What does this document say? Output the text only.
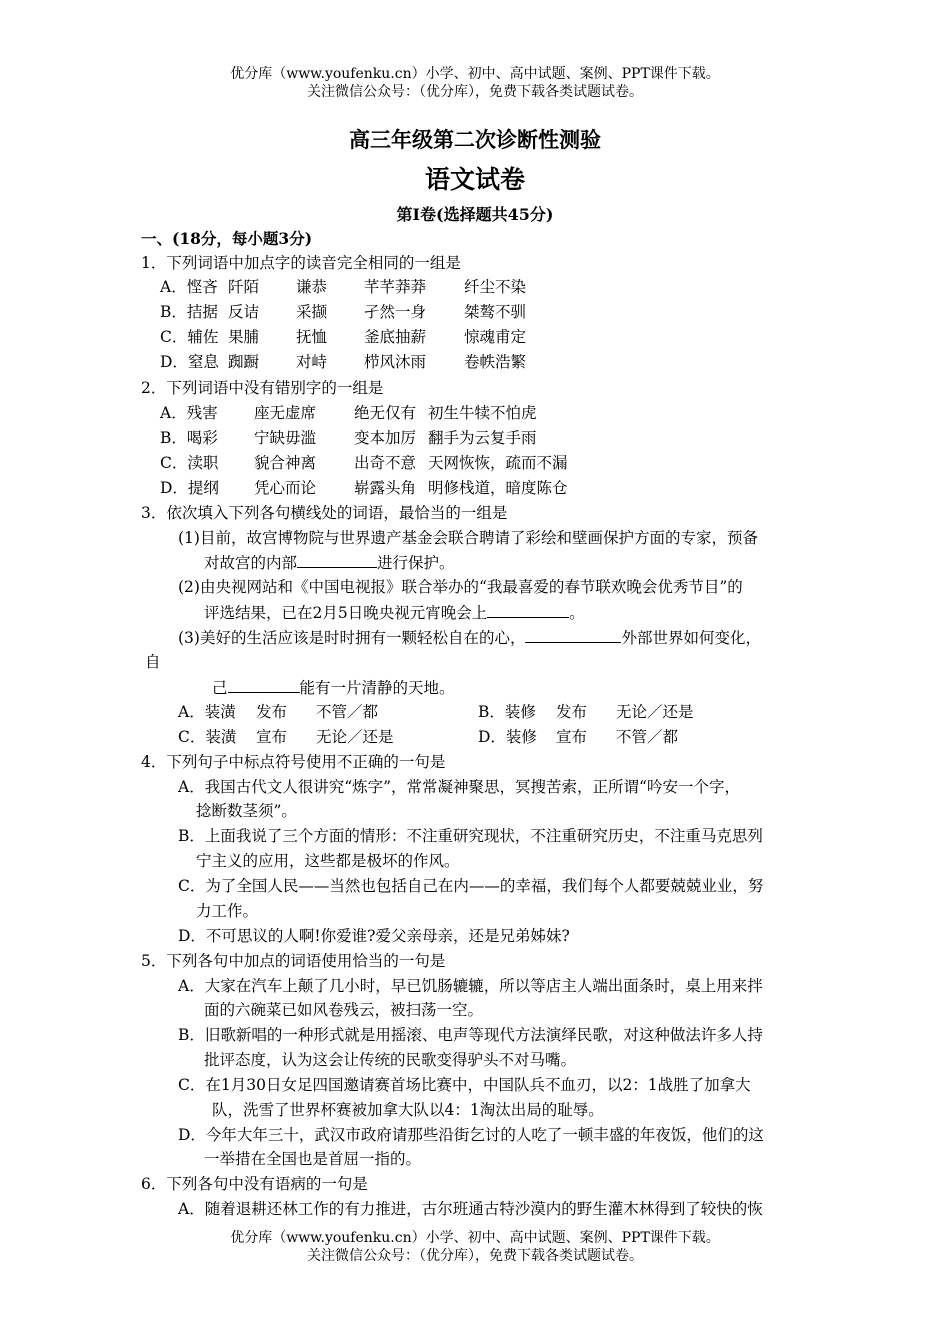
优分库（www.youfenku.cn）小学、初中、高中试题、案例、PPT课件下载。
关注微信公众号：（优分库），免费下载各类试题试卷。
高三年级第二次诊断性测验
语文试卷
第Ⅰ卷(选择题共45分)
一、(18分，每小题3分)
1．下列词语中加点字的读音完全相同的一组是
A．悭吝 阡陌 谦恭 芊芊莽莽 纤尘不染
B．拮据 反诘 采撷 孑然一身 桀骜不驯
C．辅佐 果脯 抚恤 釜底抽薪 惊魂甫定
D．窒息 踟蹰 对峙 栉风沐雨 卷帙浩繁
2．下列词语中没有错别字的一组是
A．残害 座无虚席 绝无仅有 初生牛犊不怕虎
B．喝彩 宁缺毋滥 变本加厉 翻手为云复手雨
C．渎职 貌合神离 出奇不意 天网恢恢，疏而不漏
D．提纲 凭心而论 崭露头角 明修栈道，暗度陈仓
3．依次填入下列各句横线处的词语，最恰当的一组是
(1)目前，故宫博物院与世界遗产基金会联合聘请了彩绘和壁画保护方面的专家，预备
对故宫的内部	进行保护。
(2)由央视网站和《中国电视报》联合举办的“我最喜爱的春节联欢晚会优秀节目”的
评选结果，已在2月5日晚央视元宵晚会上	。
(3)美好的生活应该是时时拥有一颗轻松自在的心，	外部世界如何变化，
自
己	能有一片清静的天地。
A．装潢 发布 不管／都	B．装修 发布 无论／还是
C．装潢 宣布 无论／还是	D．装修 宣布 不管／都
4．下列句子中标点符号使用不正确的一句是
A．我国古代文人很讲究“炼字”，常常凝神聚思，冥搜苦索，正所谓“吟安一个字，
捻断数茎须”。
B．上面我说了三个方面的情形：不注重研究现状，不注重研究历史，不注重马克思列
宁主义的应用，这些都是极坏的作风。
C．为了全国人民——当然也包括自己在内——的幸福，我们每个人都要兢兢业业，努
力工作。
D．不可思议的人啊!你爱谁?爱父亲母亲，还是兄弟姊妹?
5．下列各句中加点的词语使用恰当的一句是
A．大家在汽车上颠了几小时，早已饥肠辘辘，所以等店主人端出面条时，桌上用来拌
面的六碗菜已如风卷残云，被扫荡一空。
B．旧歌新唱的一种形式就是用摇滚、电声等现代方法演绎民歌，对这种做法许多人持
批评态度，认为这会让传统的民歌变得驴头不对马嘴。
C．在1月30日女足四国邀请赛首场比赛中，中国队兵不血刃，以2：1战胜了加拿大
队，洗雪了世界杯赛被加拿大队以4：1淘汰出局的耻辱。
D．今年大年三十，武汉市政府请那些沿街乞讨的人吃了一顿丰盛的年夜饭，他们的这
一举措在全国也是首屈一指的。
6．下列各句中没有语病的一句是
A．随着退耕还林工作的有力推进，古尔班通古特沙漠内的野生灌木林得到了较快的恢
优分库（www.youfenku.cn）小学、初中、高中试题、案例、PPT课件下载。
关注微信公众号：（优分库），免费下载各类试题试卷。
